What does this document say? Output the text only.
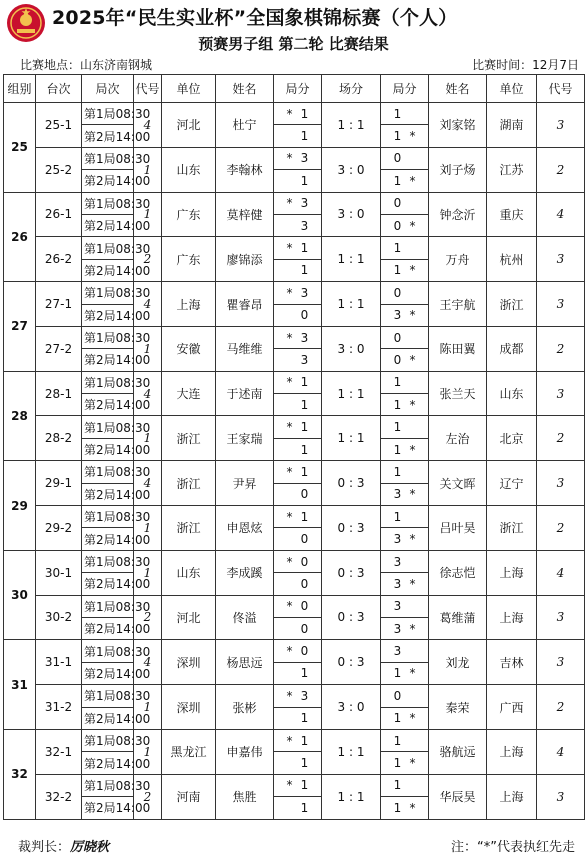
2025年“民生实业杯”全国象棋锦标赛（个人）
预赛男子组 第二轮 比赛结果
比赛地点：山东济南钢城	比赛时间：12月7日
组别	台次	局次	代号	单位	姓名	局分	场分	局分	姓名	单位	代号
25	25-1	第1局08:30	4	河北	杜宁	* 1	1 : 1	1	刘家铭	湖南	3
		第2局14:00				1		1 *			
	25-2	第1局08:30	1	山东	李翰林	* 3	3 : 0	0	刘子炀	江苏	2
		第2局14:00				1		1 *			
26	26-1	第1局08:30	1	广东	莫梓健	* 3	3 : 0	0	钟念沂	重庆	4
		第2局14:00				3		0 *			
	26-2	第1局08:30	2	广东	廖锦添	* 1	1 : 1	1	万舟	杭州	3
		第2局14:00				1		1 *			
27	27-1	第1局08:30	4	上海	瞿睿昂	* 3	1 : 1	0	王宇航	浙江	3
		第2局14:00				0		3 *			
	27-2	第1局08:30	1	安徽	马维维	* 3	3 : 0	0	陈田翼	成都	2
		第2局14:00				3		0 *			
28	28-1	第1局08:30	4	大连	于述南	* 1	1 : 1	1	张兰天	山东	3
		第2局14:00				1		1 *			
	28-2	第1局08:30	1	浙江	王家瑞	* 1	1 : 1	1	左治	北京	2
		第2局14:00				1		1 *			
29	29-1	第1局08:30	4	浙江	尹昇	* 1	0 : 3	1	关文晖	辽宁	3
		第2局14:00				0		3 *			
	29-2	第1局08:30	1	浙江	申恩炫	* 1	0 : 3	1	吕叶昊	浙江	2
		第2局14:00				0		3 *			
30	30-1	第1局08:30	1	山东	李成蹊	* 0	0 : 3	3	徐志恺	上海	4
		第2局14:00				0		3 *			
	30-2	第1局08:30	2	河北	佟溢	* 0	0 : 3	3	葛维蒲	上海	3
		第2局14:00				0		3 *			
31	31-1	第1局08:30	4	深圳	杨思远	* 0	0 : 3	3	刘龙	吉林	3
		第2局14:00				1		1 *			
	31-2	第1局08:30	1	深圳	张彬	* 3	3 : 0	0	秦荣	广西	2
		第2局14:00				1		1 *			
32	32-1	第1局08:30	1	黑龙江	申嘉伟	* 1	1 : 1	1	骆航远	上海	4
		第2局14:00				1		1 *			
	32-2	第1局08:30	2	河南	焦胜	* 1	1 : 1	1	华辰昊	上海	3
		第2局14:00				1		1 *			
裁判长：厉晓秋	注：“*”代表执红先走
